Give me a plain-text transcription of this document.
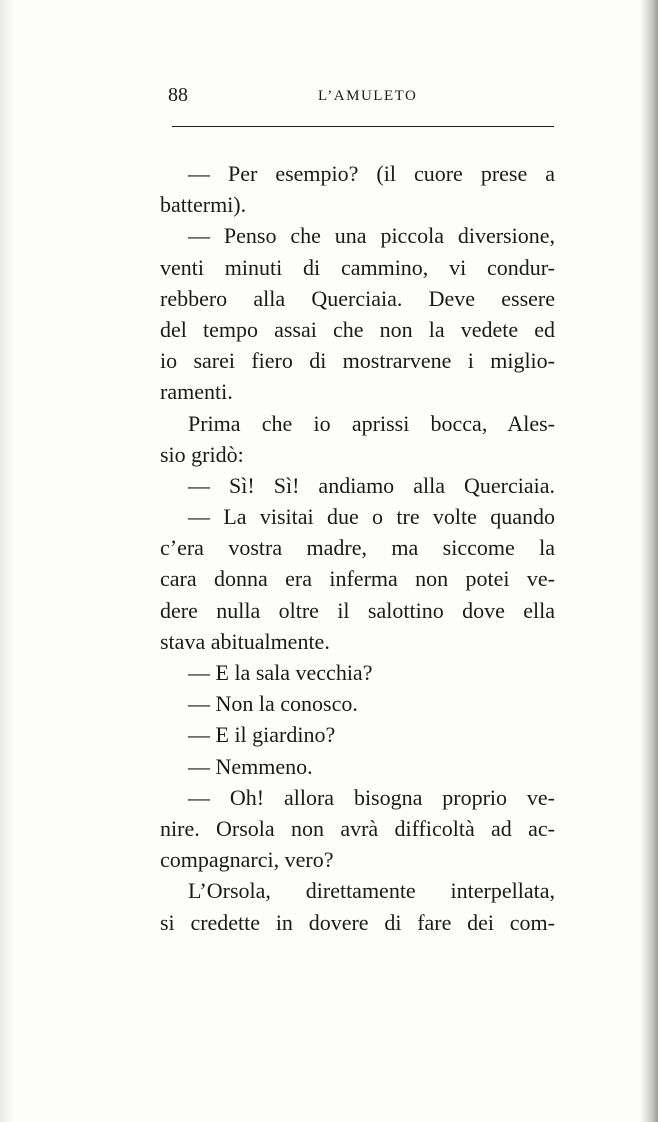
88	L’AMULETO
— Per esempio? (il cuore prese a
battermi).
— Penso che una piccola diversione,
venti minuti di cammino, vi condur-
rebbero alla Querciaia. Deve essere
del tempo assai che non la vedete ed
io sarei fiero di mostrarvene i miglio-
ramenti.
Prima che io aprissi bocca, Ales-
sio gridò:
— Sì! Sì! andiamo alla Querciaia.
— La visitai due o tre volte quando
c’era vostra madre, ma siccome la
cara donna era inferma non potei ve-
dere nulla oltre il salottino dove ella
stava abitualmente.
— E la sala vecchia?
— Non la conosco.
— E il giardino?
— Nemmeno.
— Oh! allora bisogna proprio ve-
nire. Orsola non avrà difficoltà ad ac-
compagnarci, vero?
L’Orsola, direttamente interpellata,
si credette in dovere di fare dei com-
